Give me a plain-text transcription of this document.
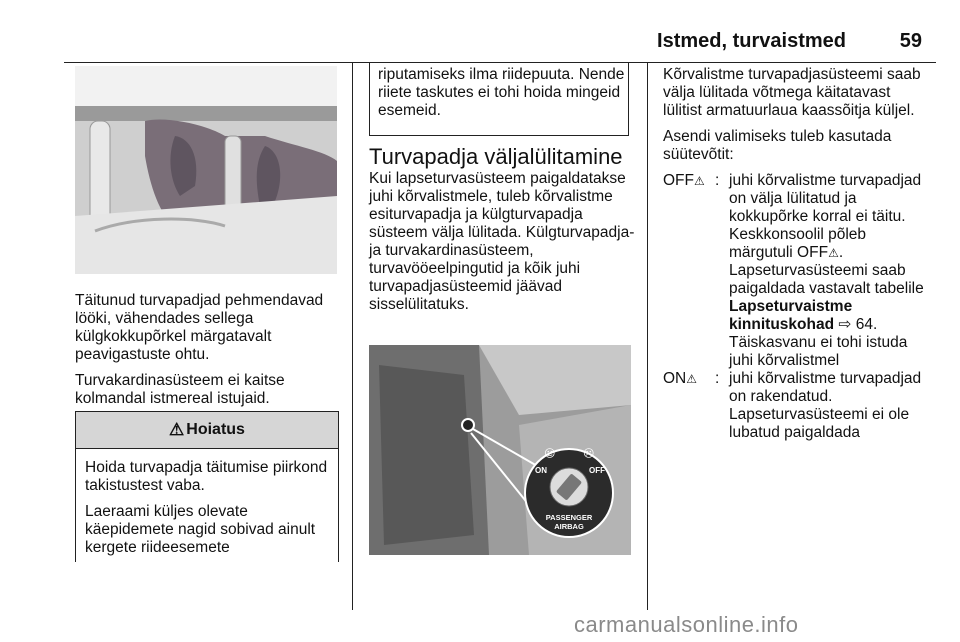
Istmed, turvaistmed	59

Täitunud turvapadjad pehmendavad lööki, vähendades sellega külgkokkupõrkel märgatavalt peavigastuste ohtu.

Turvakardinasüsteem ei kaitse kolmandal istmereal istujaid.

⚠ Hoiatus

Hoida turvapadja täitumise piirkond takistustest vaba.

Laeraami küljes olevate käepidemete nagid sobivad ainult kergete riideesemete

riputamiseks ilma riidepuuta. Nende riiete taskutes ei tohi hoida mingeid esemeid.
Turvapadja väljalülitamine

Kui lapseturvasüsteem paigaldatakse juhi kõrvalistmele, tuleb kõrvalistme esiturvapadja ja külgturvapadja süsteem välja lülitada. Külgturvapadja- ja turvakardinasüsteem, turvavööeelpingutid ja kõik juhi turvapadjasüsteemid jäävad sisselülitatuks.

ON	OFF
PASSENGER
AIRBAG
☺	☹

Kõrvalistme turvapadjasüsteemi saab välja lülitada võtmega käitatavast lülitist armatuurlaua kaassõitja küljel.

Asendi valimiseks tuleb kasutada süütevõtit:

OFF⚠ : juhi kõrvalistme turvapadjad on välja lülitatud ja kokkupõrke korral ei täitu. Keskkonsoolil põleb märgutuli OFF⚠. Lapseturvasüsteemi saab paigaldada vastavalt tabelile Lapseturvaistme kinnituskohad ⇨ 64.
Täiskasvanu ei tohi istuda juhi kõrvalistmel
ON⚠	: juhi kõrvalistme turvapadjad on rakendatud. Lapseturvasüsteemi ei ole lubatud paigaldada
carmanualsonline.info
